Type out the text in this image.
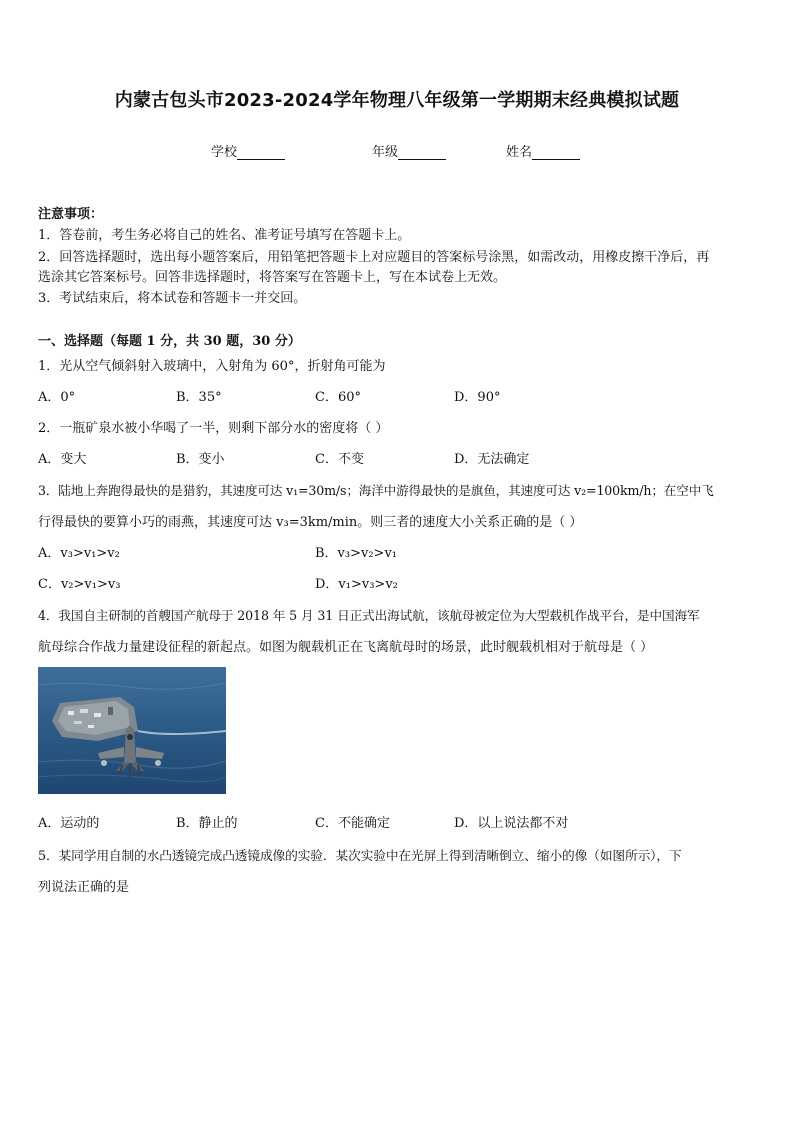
内蒙古包头市2023-2024学年物理八年级第一学期期末经典模拟试题
学校	年级	姓名
注意事项：
1．答卷前，考生务必将自己的姓名、准考证号填写在答题卡上。
2．回答选择题时，选出每小题答案后，用铅笔把答题卡上对应题目的答案标号涂黑，如需改动，用橡皮擦干净后，再
选涂其它答案标号。回答非选择题时，将答案写在答题卡上，写在本试卷上无效。
3．考试结束后，将本试卷和答题卡一并交回。
一、选择题（每题 1 分，共 30 题，30 分）
1．光从空气倾斜射入玻璃中，入射角为 60°，折射角可能为
A．0°	B．35°	C．60°	D．90°
2．一瓶矿泉水被小华喝了一半，则剩下部分水的密度将（ ）
A．变大	B．变小	C．不变	D．无法确定
3．陆地上奔跑得最快的是猎豹，其速度可达 v₁=30m/s；海洋中游得最快的是旗鱼，其速度可达 v₂=100km/h；在空中飞
行得最快的要算小巧的雨燕，其速度可达 v₃=3km/min。则三者的速度大小关系正确的是（ ）
A．v₃>v₁>v₂	B．v₃>v₂>v₁
C．v₂>v₁>v₃	D．v₁>v₃>v₂
4．我国自主研制的首艘国产航母于 2018 年 5 月 31 日正式出海试航，该航母被定位为大型载机作战平台，是中国海军
航母综合作战力量建设征程的新起点。如图为舰载机正在飞离航母时的场景，此时舰载机相对于航母是（ ）
A．运动的	B．静止的	C．不能确定	D．以上说法都不对
5．某同学用自制的水凸透镜完成凸透镜成像的实验．某次实验中在光屏上得到清晰倒立、缩小的像（如图所示），下
列说法正确的是
